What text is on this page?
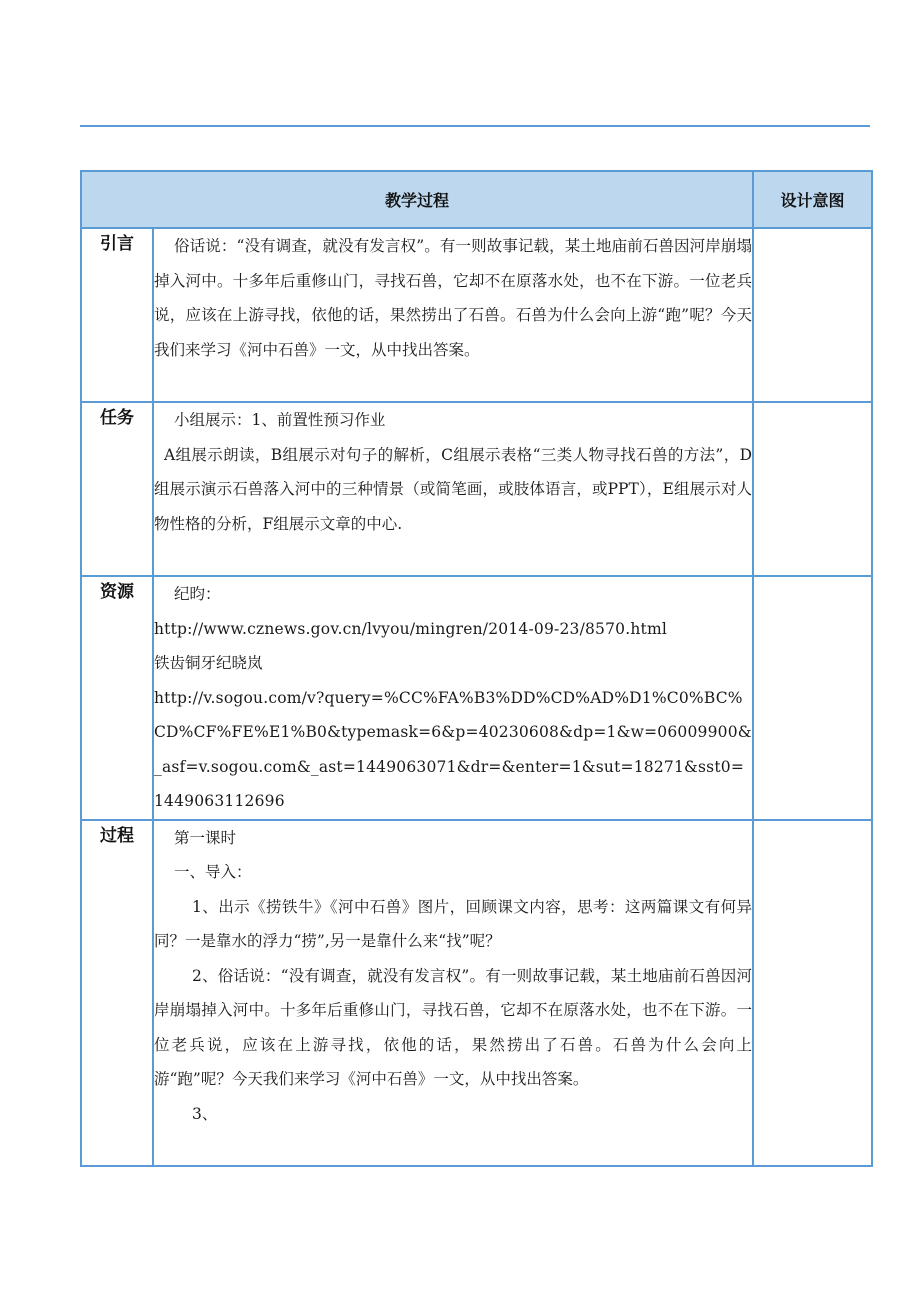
教学过程		设计意图
引言	俗话说：“没有调查，就没有发言权”。有一则故事记载，某土地庙前石兽因河岸崩塌掉入河中。十多年后重修山门，寻找石兽，它却不在原落水处，也不在下游。一位老兵说，应该在上游寻找，依他的话，果然捞出了石兽。石兽为什么会向上游“跑”呢？今天我们来学习《河中石兽》一文，从中找出答案。	

任务	小组展示：1、前置性预习作业

A组展示朗读，B组展示对句子的解析，C组展示表格“三类人物寻找石兽的方法”，D组展示演示石兽落入河中的三种情景（或简笔画，或肢体语言，或PPT），E组展示对人物性格的分析，F组展示文章的中心.	

资源	纪昀：

http://www.cznews.gov.cn/lvyou/mingren/2014-09-23/8570.html

铁齿铜牙纪晓岚

http://v.sogou.com/v?query=%CC%FA%B3%DD%CD%AD%D1%C0%BC%CD%CF%FE%E1%B0&typemask=6&p=40230608&dp=1&w=06009900&_asf=v.sogou.com&_ast=1449063071&dr=&enter=1&sut=18271&sst0=1449063112696	

过程	第一课时

一、导入：

1、出示《捞铁牛》《河中石兽》图片，回顾课文内容，思考：这两篇课文有何异同？一是靠水的浮力“捞”,另一是靠什么来“找”呢？

2、俗话说：“没有调查，就没有发言权”。有一则故事记载，某土地庙前石兽因河岸崩塌掉入河中。十多年后重修山门，寻找石兽，它却不在原落水处，也不在下游。一位老兵说，应该在上游寻找，依他的话，果然捞出了石兽。石兽为什么会向上游“跑”呢？今天我们来学习《河中石兽》一文，从中找出答案。

3、	
